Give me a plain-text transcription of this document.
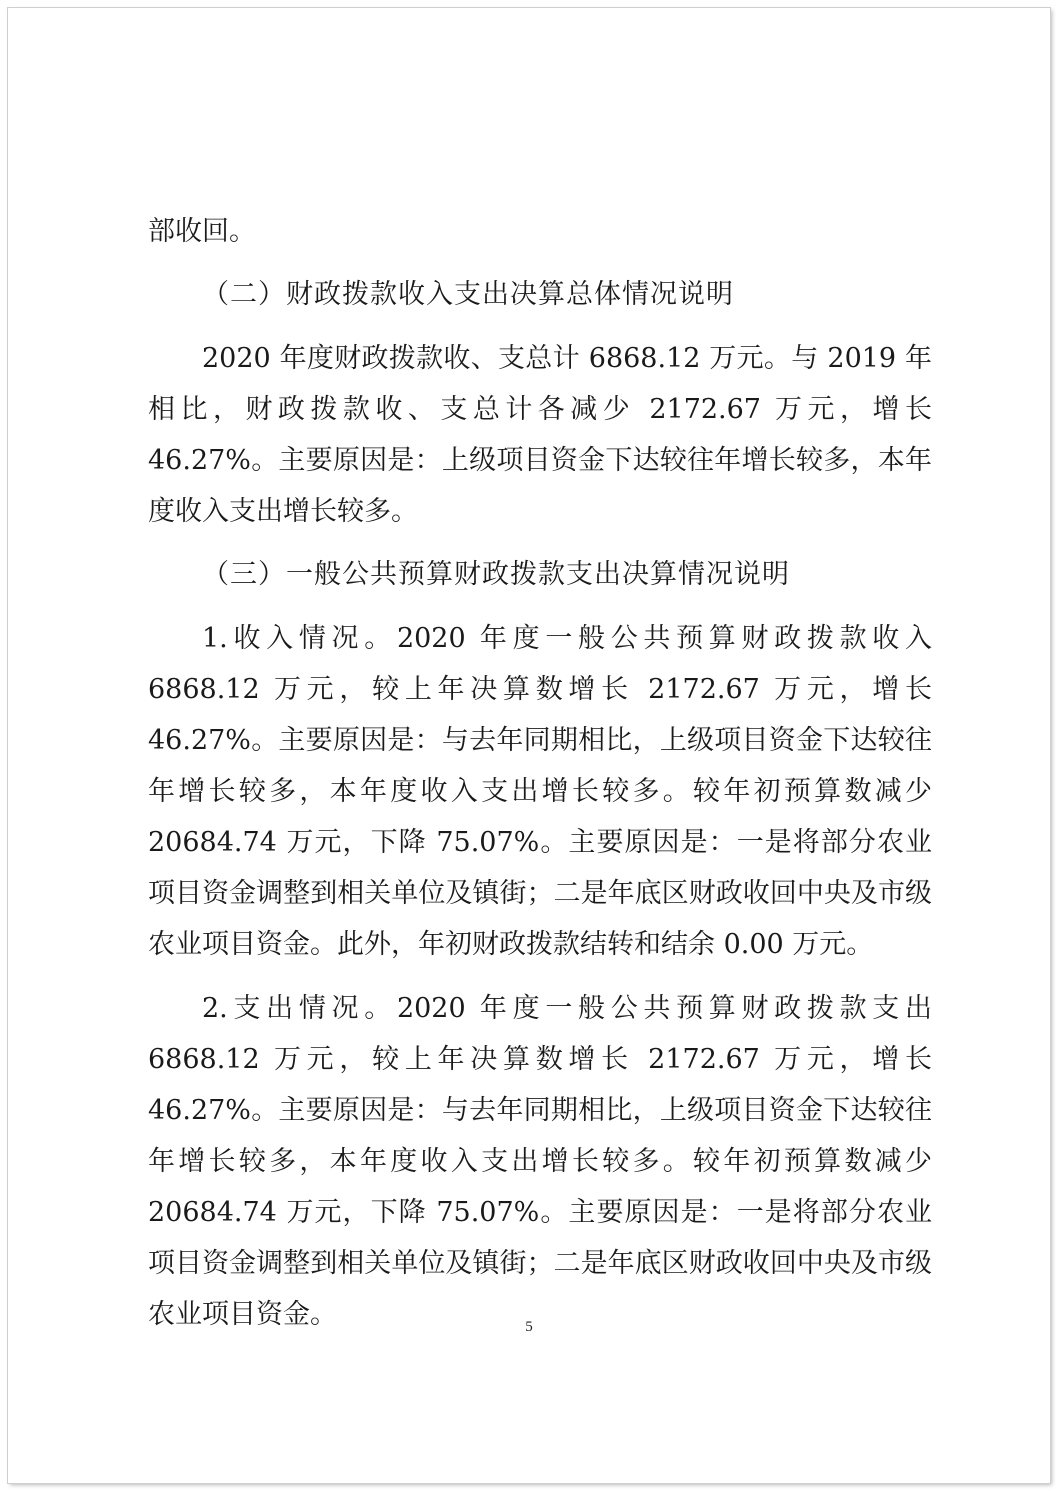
部收回。

（二）财政拨款收入支出决算总体情况说明

2020 年度财政拨款收、支总计 6868.12 万元。与 2019 年相比，财政拨款收、支总计各减少 2172.67 万元，增长 46.27%。主要原因是：上级项目资金下达较往年增长较多，本年度收入支出增长较多。

（三）一般公共预算财政拨款支出决算情况说明

1.收入情况。2020 年度一般公共预算财政拨款收入 6868.12 万元，较上年决算数增长 2172.67 万元，增长 46.27%。主要原因是：与去年同期相比，上级项目资金下达较往年增长较多，本年度收入支出增长较多。较年初预算数减少 20684.74 万元，下降 75.07%。主要原因是：一是将部分农业项目资金调整到相关单位及镇街；二是年底区财政收回中央及市级农业项目资金。此外，年初财政拨款结转和结余 0.00 万元。

2.支出情况。2020 年度一般公共预算财政拨款支出 6868.12 万元，较上年决算数增长 2172.67 万元，增长 46.27%。主要原因是：与去年同期相比，上级项目资金下达较往年增长较多，本年度收入支出增长较多。较年初预算数减少 20684.74 万元，下降 75.07%。主要原因是：一是将部分农业项目资金调整到相关单位及镇街；二是年底区财政收回中央及市级农业项目资金。	5
